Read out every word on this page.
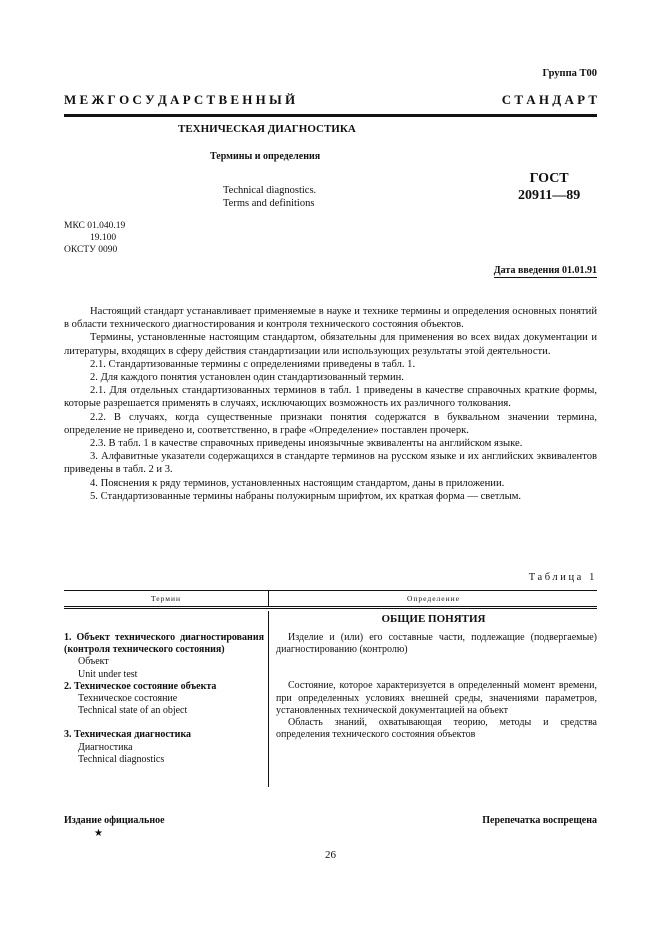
Группа Т00
М Е Ж Г О С У Д А Р С Т В Е Н Н Ы Й	С Т А Н Д А Р Т
ТЕХНИЧЕСКАЯ ДИАГНОСТИКА
Термины и определения
Technical diagnostics.
Terms and definitions
ГОСТ
20911—89
МКС 01.040.19
19.100
ОКСТУ 0090
Дата введения 01.01.91

Настоящий стандарт устанавливает применяемые в науке и технике термины и определения основных понятий в области технического диагностирования и контроля технического состояния объектов.

Термины, установленные настоящим стандартом, обязательны для применения во всех видах документации и литературы, входящих в сферу действия стандартизации или использующих результаты этой деятельности.

2.1. Стандартизованные термины с определениями приведены в табл. 1.

2. Для каждого понятия установлен один стандартизованный термин.

2.1. Для отдельных стандартизованных терминов в табл. 1 приведены в качестве справочных краткие формы, которые разрешается применять в случаях, исключающих возможность их различного толкования.

2.2. В случаях, когда существенные признаки понятия содержатся в буквальном значении термина, определение не приведено и, соответственно, в графе «Определение» поставлен прочерк.

2.3. В табл. 1 в качестве справочных приведены иноязычные эквиваленты на английском языке.

3. Алфавитные указатели содержащихся в стандарте терминов на русском языке и их английских эквивалентов приведены в табл. 2 и 3.

4. Пояснения к ряду терминов, установленных настоящим стандартом, даны в приложении.

5. Стандартизованные термины набраны полужирным шрифтом, их краткая форма — светлым.

Таблица 1
Термин	Определение
ОБЩИЕ ПОНЯТИЯ
1. Объект технического диагностирования (контроля технического состояния)
Объект
Unit under test
2. Техническое состояние объекта
Техническое состояние
Technical state of an object
3. Техническая диагностика
Диагностика
Technical diagnostics

Изделие и (или) его составные части, подлежащие (подвергаемые) диагностированию (контролю)

Состояние, которое характеризуется в определенный момент времени, при определенных условиях внешней среды, значениями параметров, установленных технической документацией на объект

Область знаний, охватывающая теорию, методы и средства определения технического состояния объектов

Издание официальное
★
Перепечатка воспрещена
26
